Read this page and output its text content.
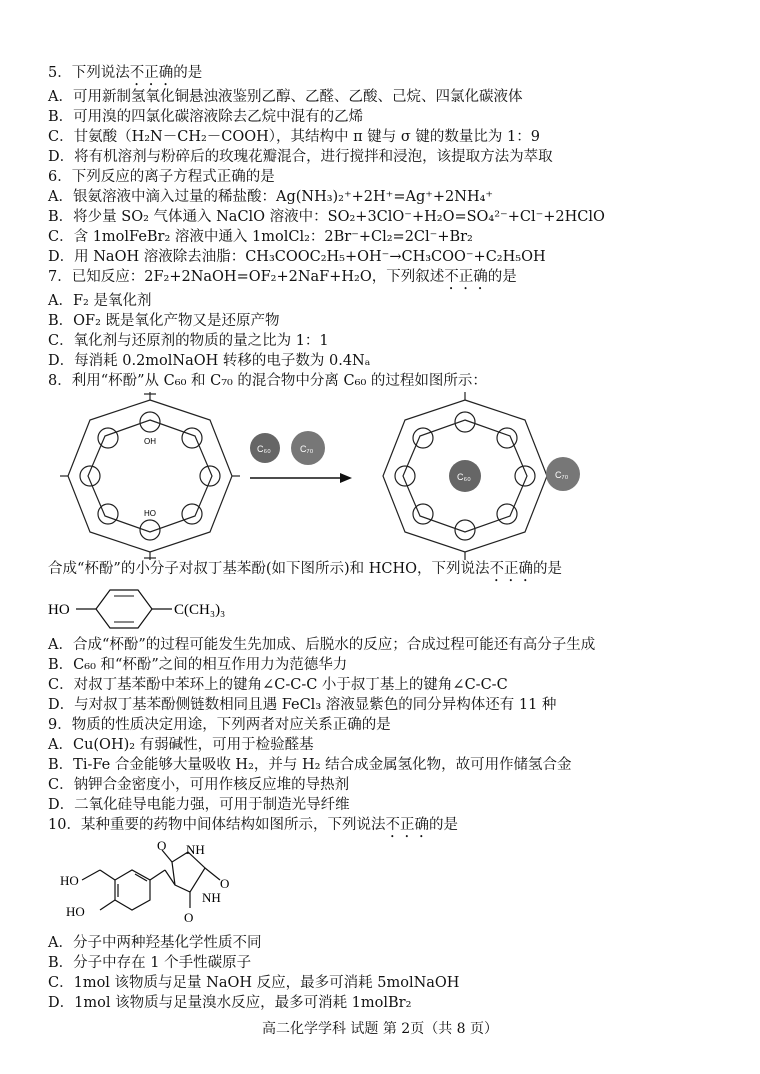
5．下列说法不正确的是
A．可用新制氢氧化铜悬浊液鉴别乙醇、乙醛、乙酸、己烷、四氯化碳液体
B．可用溴的四氯化碳溶液除去乙烷中混有的乙烯
C．甘氨酸（H₂N－CH₂－COOH），其结构中 π 键与 σ 键的数量比为 1：9
D．将有机溶剂与粉碎后的玫瑰花瓣混合，进行搅拌和浸泡，该提取方法为萃取
6．下列反应的离子方程式正确的是
A．银氨溶液中滴入过量的稀盐酸：Ag(NH₃)₂⁺+2H⁺=Ag⁺+2NH₄⁺
B．将少量 SO₂ 气体通入 NaClO 溶液中：SO₂+3ClO⁻+H₂O=SO₄²⁻+Cl⁻+2HClO
C．含 1molFeBr₂ 溶液中通入 1molCl₂：2Br⁻+Cl₂=2Cl⁻+Br₂
D．用 NaOH 溶液除去油脂：CH₃COOC₂H₅+OH⁻→CH₃COO⁻+C₂H₅OH
7．已知反应：2F₂+2NaOH=OF₂+2NaF+H₂O，下列叙述不正确的是
A．F₂ 是氧化剂
B．OF₂ 既是氧化产物又是还原产物
C．氧化剂与还原剂的物质的量之比为 1：1
D．每消耗 0.2molNaOH 转移的电子数为 0.4Nₐ
8．利用“杯酚”从 C₆₀ 和 C₇₀ 的混合物中分离 C₆₀ 的过程如图所示：
OH
HO
C₆₀	C₇₀
C₆₀	C₇₀
合成“杯酚”的小分子对叔丁基苯酚(如下图所示)和 HCHO，下列说法不正确的是
HO	C(CH₃)₃
A．合成“杯酚”的过程可能发生先加成、后脱水的反应；合成过程可能还有高分子生成
B．C₆₀ 和“杯酚”之间的相互作用力为范德华力
C．对叔丁基苯酚中苯环上的键角∠C-C-C 小于叔丁基上的键角∠C-C-C
D．与对叔丁基苯酚侧链数相同且遇 FeCl₃ 溶液显紫色的同分异构体还有 11 种
9．物质的性质决定用途，下列两者对应关系正确的是
A．Cu(OH)₂ 有弱碱性，可用于检验醛基
B．Ti-Fe 合金能够大量吸收 H₂，并与 H₂ 结合成金属氢化物，故可用作储氢合金
C．钠钾合金密度小，可用作核反应堆的导热剂
D．二氧化硅导电能力强，可用于制造光导纤维
10．某种重要的药物中间体结构如图所示，下列说法不正确的是
HO
HO
O NH
O
NH
O
A．分子中两种羟基化学性质不同
B．分子中存在 1 个手性碳原子
C．1mol 该物质与足量 NaOH 反应，最多可消耗 5molNaOH
D．1mol 该物质与足量溴水反应，最多可消耗 1molBr₂
高二化学学科 试题 第 2页（共 8 页）
